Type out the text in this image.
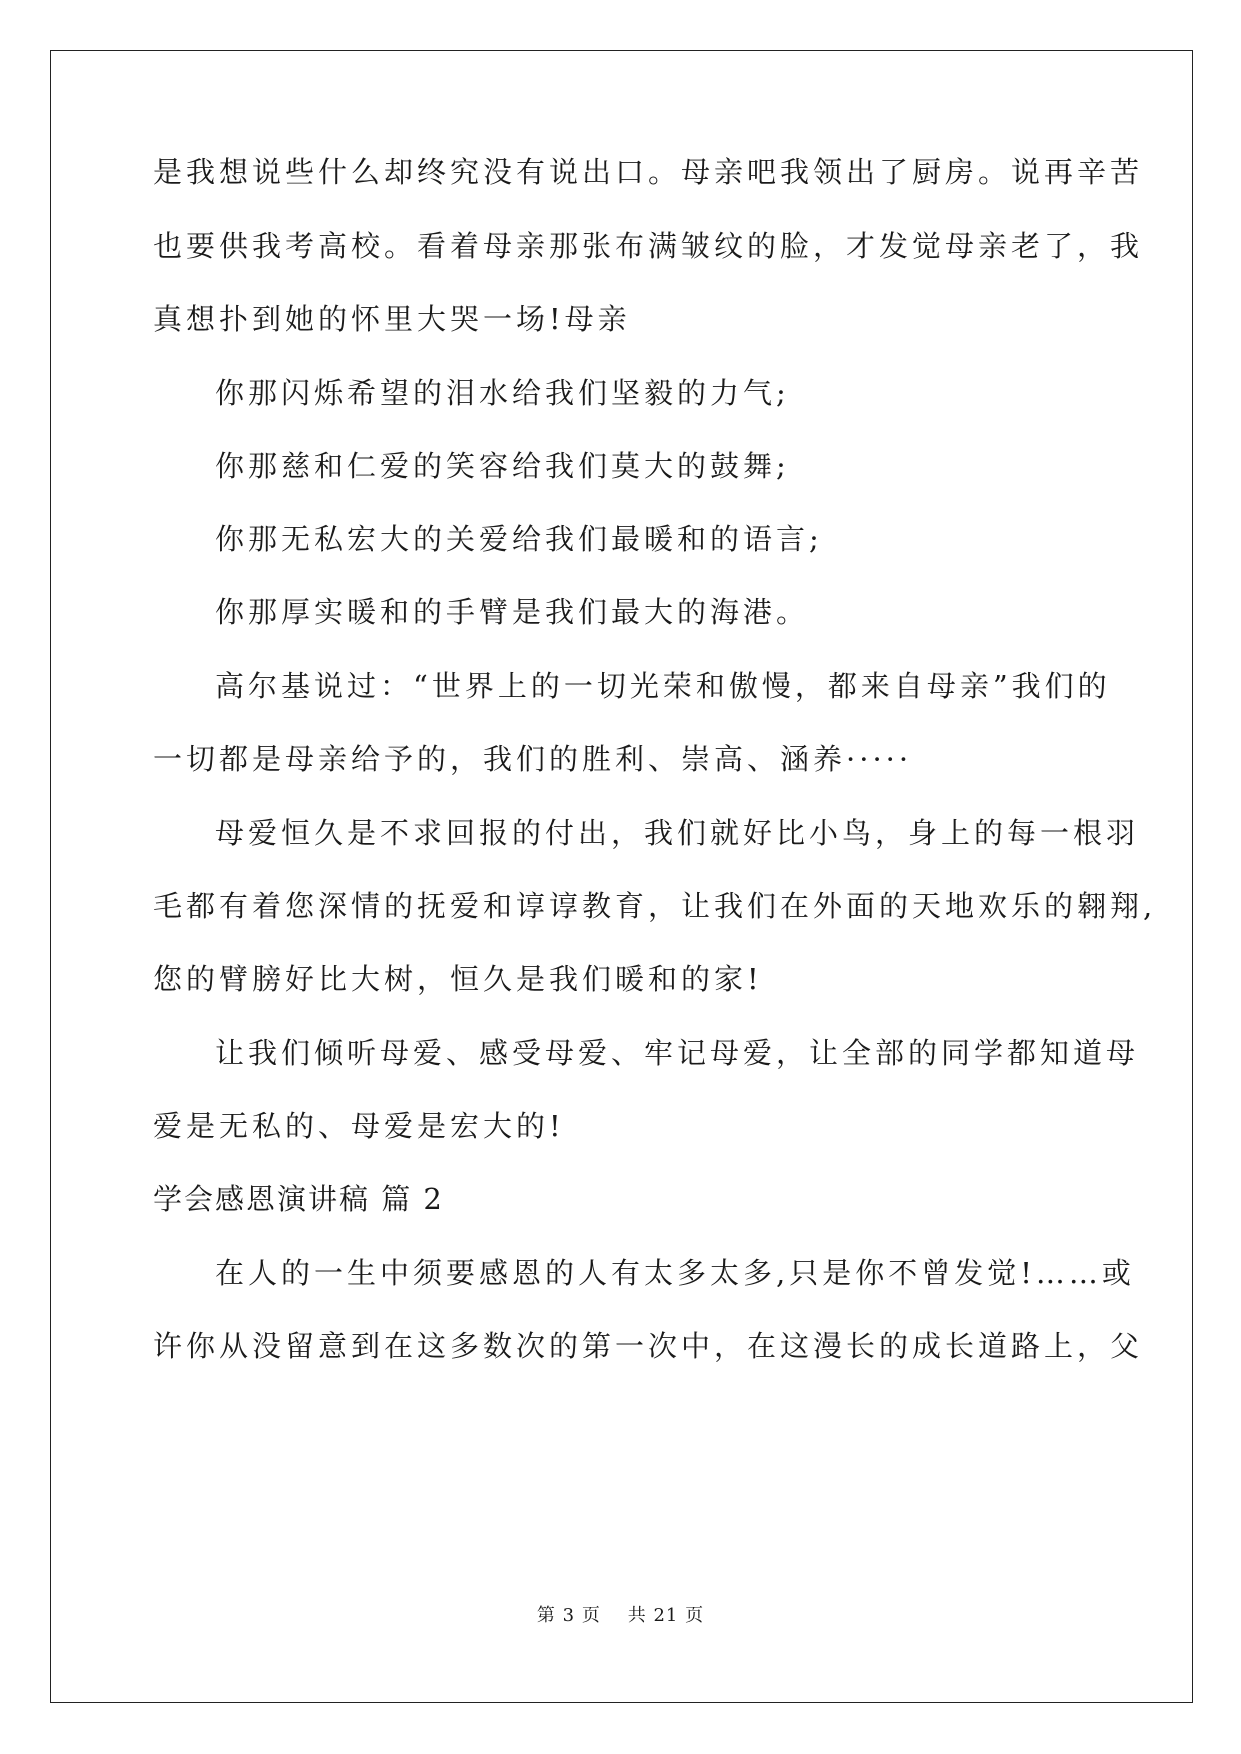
是我想说些什么却终究没有说出口。母亲吧我领出了厨房。说再辛苦
也要供我考高校。看着母亲那张布满皱纹的脸，才发觉母亲老了，我
真想扑到她的怀里大哭一场!母亲
你那闪烁希望的泪水给我们坚毅的力气;
你那慈和仁爱的笑容给我们莫大的鼓舞;
你那无私宏大的关爱给我们最暖和的语言;
你那厚实暖和的手臂是我们最大的海港。
高尔基说过：“世界上的一切光荣和傲慢，都来自母亲”我们的
一切都是母亲给予的，我们的胜利、崇高、涵养·····
母爱恒久是不求回报的付出，我们就好比小鸟，身上的每一根羽
毛都有着您深情的抚爱和谆谆教育，让我们在外面的天地欢乐的翱翔,
您的臂膀好比大树，恒久是我们暖和的家!
让我们倾听母爱、感受母爱、牢记母爱，让全部的同学都知道母
爱是无私的、母爱是宏大的!
学会感恩演讲稿 篇 2
在人的一生中须要感恩的人有太多太多,只是你不曾发觉!……或
许你从没留意到在这多数次的第一次中，在这漫长的成长道路上，父
第 3 页 共 21 页
